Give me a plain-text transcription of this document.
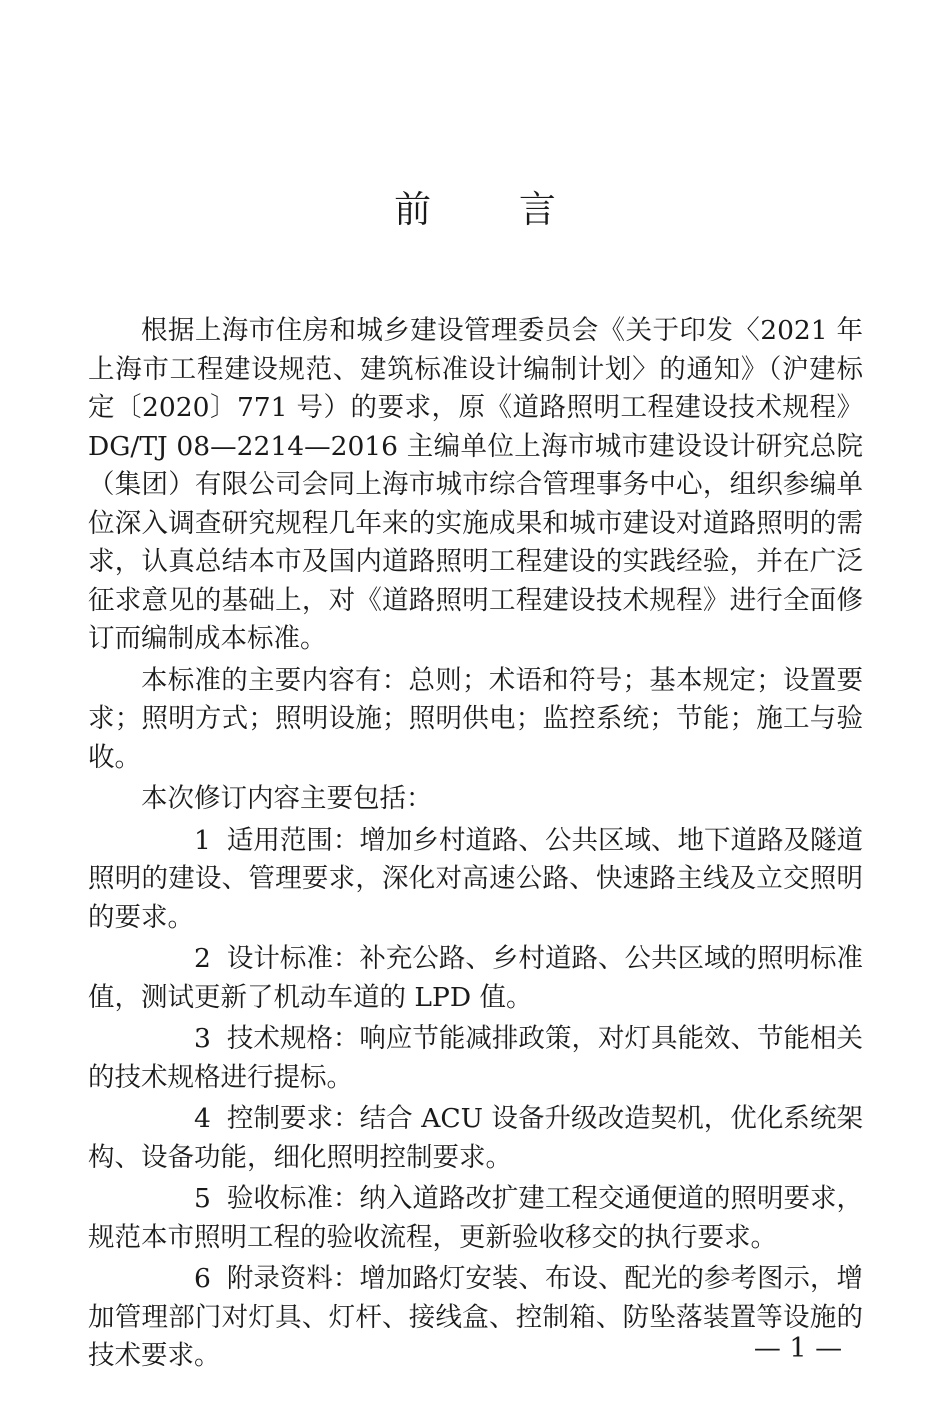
前 言

根据上海市住房和城乡建设管理委员会《关于印发〈2021 年上海市工程建设规范、建筑标准设计编制计划〉的通知》（沪建标定〔2020〕771 号）的要求，原《道路照明工程建设技术规程》DG/TJ 08—2214—2016 主编单位上海市城市建设设计研究总院（集团）有限公司会同上海市城市综合管理事务中心，组织参编单位深入调查研究规程几年来的实施成果和城市建设对道路照明的需求，认真总结本市及国内道路照明工程建设的实践经验，并在广泛征求意见的基础上，对《道路照明工程建设技术规程》进行全面修订而编制成本标准。

本标准的主要内容有：总则；术语和符号；基本规定；设置要求；照明方式；照明设施；照明供电；监控系统；节能；施工与验收。

本次修订内容主要包括：

1 适用范围：增加乡村道路、公共区域、地下道路及隧道照明的建设、管理要求，深化对高速公路、快速路主线及立交照明的要求。

2 设计标准：补充公路、乡村道路、公共区域的照明标准值，测试更新了机动车道的 LPD 值。

3 技术规格：响应节能减排政策，对灯具能效、节能相关的技术规格进行提标。

4 控制要求：结合 ACU 设备升级改造契机，优化系统架构、设备功能，细化照明控制要求。

5 验收标准：纳入道路改扩建工程交通便道的照明要求，规范本市照明工程的验收流程，更新验收移交的执行要求。

6 附录资料：增加路灯安装、布设、配光的参考图示，增加管理部门对灯具、灯杆、接线盒、控制箱、防坠落装置等设施的技术要求。	— 1 —
